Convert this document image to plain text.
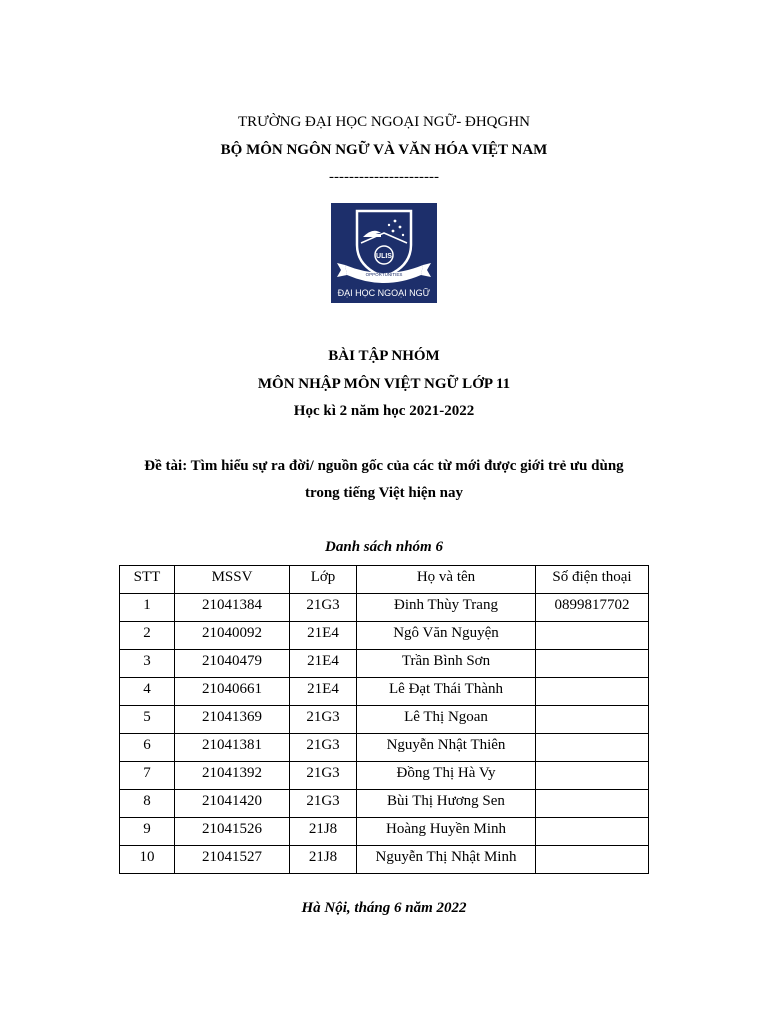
TRƯỜNG ĐẠI HỌC NGOẠI NGỮ- ĐHQGHN
BỘ MÔN NGÔN NGỮ VÀ VĂN HÓA VIỆT NAM
----------------------
ULIS
OPPORTUNITIES
ĐẠI HỌC NGOẠI NGỮ
BÀI TẬP NHÓM
MÔN NHẬP MÔN VIỆT NGỮ LỚP 11
Học kì 2 năm học 2021-2022
Đề tài: Tìm hiểu sự ra đời/ nguồn gốc của các từ mới được giới trẻ ưu dùng
trong tiếng Việt hiện nay
Danh sách nhóm 6
STT	MSSV	Lớp	Họ và tên	Số điện thoại
1	21041384	21G3	Đinh Thùy Trang	0899817702
2	21040092	21E4	Ngô Văn Nguyện	
3	21040479	21E4	Trần Bình Sơn	
4	21040661	21E4	Lê Đạt Thái Thành	
5	21041369	21G3	Lê Thị Ngoan	
6	21041381	21G3	Nguyễn Nhật Thiên	
7	21041392	21G3	Đồng Thị Hà Vy	
8	21041420	21G3	Bùi Thị Hương Sen	
9	21041526	21J8	Hoàng Huyền Minh	
10	21041527	21J8	Nguyễn Thị Nhật Minh	
Hà Nội, tháng 6 năm 2022
